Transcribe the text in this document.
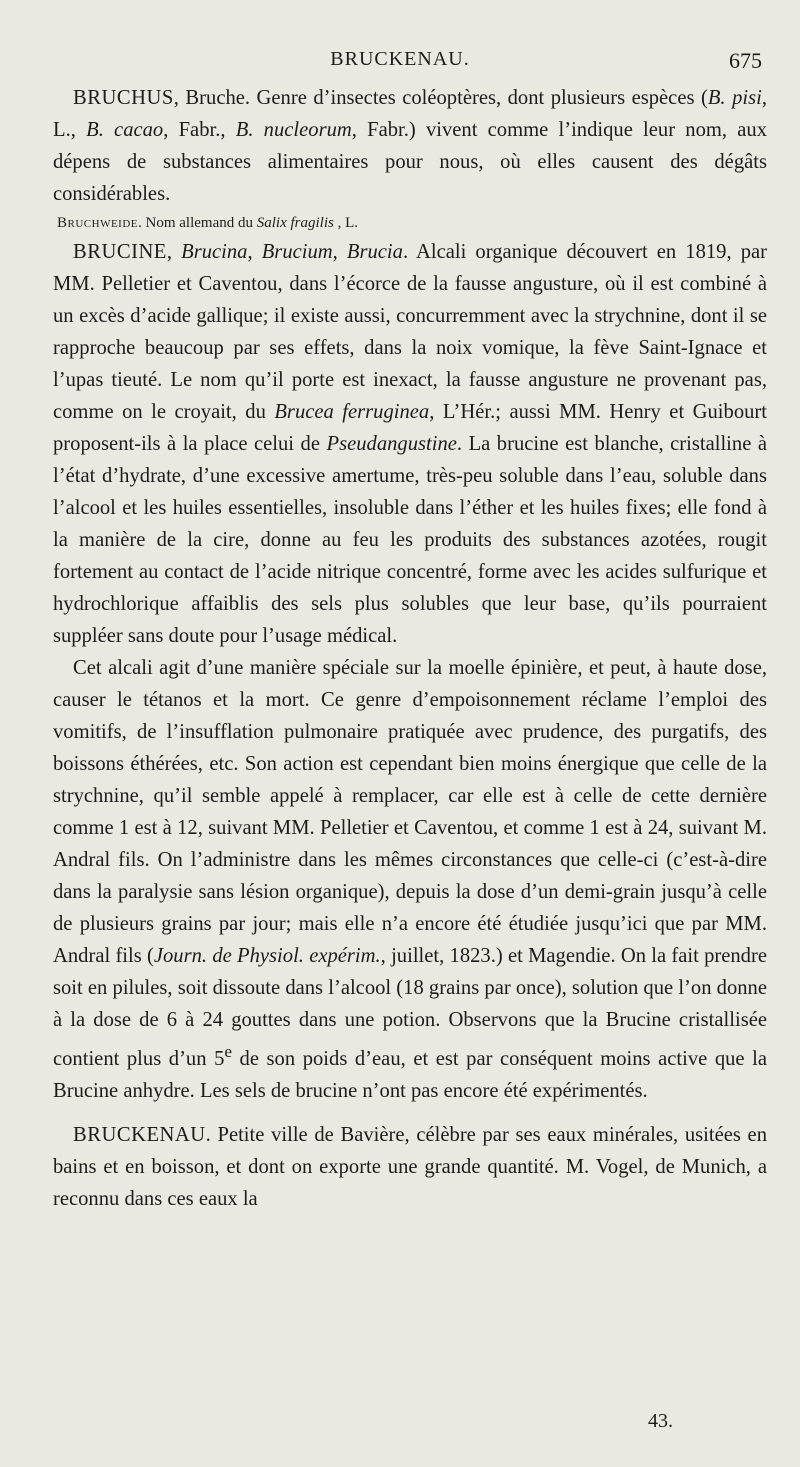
BRUCKENAU.	675

BRUCHUS, Bruche. Genre d’insectes coléoptères, dont plusieurs espèces (B. pisi, L., B. cacao, Fabr., B. nucleorum, Fabr.) vivent comme l’indique leur nom, aux dépens de substances alimentaires pour nous, où elles causent des dégâts considérables.

Bruchweide. Nom allemand du Salix fragilis , L.

BRUCINE, Brucina, Brucium, Brucia. Alcali organique découvert en 1819, par MM. Pelletier et Caventou, dans l’écorce de la fausse angusture, où il est combiné à un excès d’acide gallique; il existe aussi, concurremment avec la strychnine, dont il se rapproche beaucoup par ses effets, dans la noix vomique, la fève Saint-Ignace et l’upas tieuté. Le nom qu’il porte est inexact, la fausse angusture ne provenant pas, comme on le croyait, du Brucea ferruginea, L’Hér.; aussi MM. Henry et Guibourt proposent-ils à la place celui de Pseudangustine. La brucine est blanche, cristalline à l’état d’hydrate, d’une excessive amertume, très-peu soluble dans l’eau, soluble dans l’alcool et les huiles essentielles, insoluble dans l’éther et les huiles fixes; elle fond à la manière de la cire, donne au feu les produits des substances azotées, rougit fortement au contact de l’acide nitrique concentré, forme avec les acides sulfurique et hydrochlorique affaiblis des sels plus solubles que leur base, qu’ils pourraient suppléer sans doute pour l’usage médical.

Cet alcali agit d’une manière spéciale sur la moelle épinière, et peut, à haute dose, causer le tétanos et la mort. Ce genre d’empoisonnement réclame l’emploi des vomitifs, de l’insufflation pulmonaire pratiquée avec prudence, des purgatifs, des boissons éthérées, etc. Son action est cependant bien moins énergique que celle de la strychnine, qu’il semble appelé à remplacer, car elle est à celle de cette dernière comme 1 est à 12, suivant MM. Pelletier et Caventou, et comme 1 est à 24, suivant M. Andral fils. On l’administre dans les mêmes circonstances que celle-ci (c’est-à-dire dans la paralysie sans lésion organique), depuis la dose d’un demi-grain jusqu’à celle de plusieurs grains par jour; mais elle n’a encore été étudiée jusqu’ici que par MM. Andral fils (Journ. de Physiol. expérim., juillet, 1823.) et Magendie. On la fait prendre soit en pilules, soit dissoute dans l’alcool (18 grains par once), solution que l’on donne à la dose de 6 à 24 gouttes dans une potion. Observons que la Brucine cristallisée contient plus d’un 5e de son poids d’eau, et est par conséquent moins active que la Brucine anhydre. Les sels de brucine n’ont pas encore été expérimentés.

BRUCKENAU. Petite ville de Bavière, célèbre par ses eaux minérales, usitées en bains et en boisson, et dont on exporte une grande quantité. M. Vogel, de Munich, a reconnu dans ces eaux la

43.
